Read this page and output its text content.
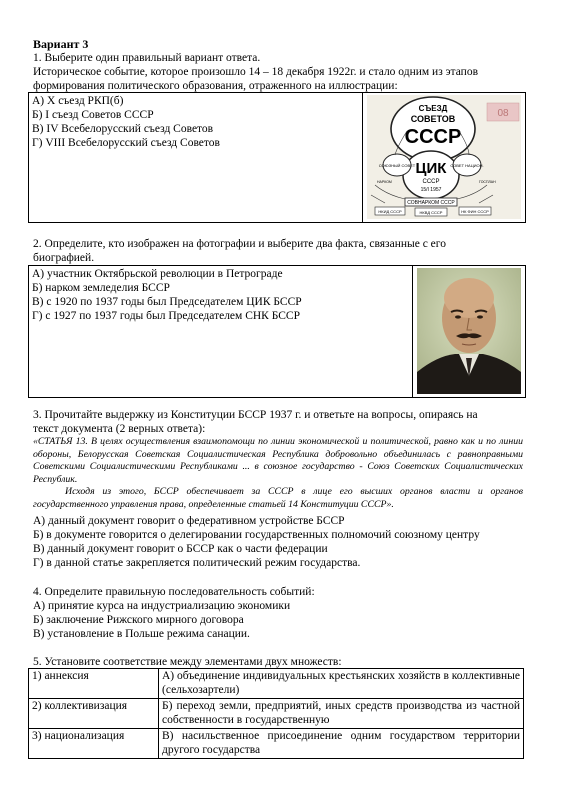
Вариант 3
1. Выберите один правильный вариант ответа.
Историческое событие, которое произошло 14 – 18 декабря 1922г. и стало одним из этапов
формирования политического образования, отраженного на иллюстрации:
А) X съезд РКП(б)
Б) I съезд Советов СССР
В) IV Всебелорусский съезд Советов
Г) VIII Всебелорусский съезд Советов
08
СЪЕЗД
СОВЕТОВ
СССР
ЦИК
СССР
15/I 1957
СОЮЗНЫЙ СОВЕТ	СОВЕТ НАЦИОН.
СОВНАРКОМ СССР
НКИД СССР	НКВД СССР	НК ФИН СССР
НАРКОМ	ГОСПЛАН
2. Определите, кто изображен на фотографии и выберите два факта, связанные с его
биографией.
А) участник Октябрьской революции в Петрограде
Б) нарком земледелия БССР
В) с 1920 по 1937 годы был Председателем ЦИК БССР
Г) с 1927 по 1937 годы был Председателем СНК БССР
3. Прочитайте выдержку из Конституции БССР 1937 г. и ответьте на вопросы, опираясь на
текст документа (2 верных ответа):
«СТАТЬЯ 13. В целях осуществления взаимопомощи по линии экономической и политической, равно как и по линии обороны, Белорусская Советская Социалистическая Республика добровольно объединилась с равноправными Советскими Социалистическими Республиками ... в союзное государство - Союз Советских Социалистических Республик.
Исходя из этого, БССР обеспечивает за СССР в лице его высших органов власти и органов государственного управления права, определенные статьей 14 Конституции СССР».
А) данный документ говорит о федеративном устройстве БССР
Б) в документе говорится о делегировании государственных полномочий союзному центру
В) данный документ говорит о БССР как о части федерации
Г) в данной статье закрепляется политический режим государства.
4. Определите правильную последовательность событий:
А) принятие курса на индустриализацию экономики
Б) заключение Рижского мирного договора
В) установление в Польше режима санации.
5. Установите соответствие между элементами двух множеств:
1) аннексия	А) объединение индивидуальных крестьянских хозяйств в коллективные (сельхозартели)
2) коллективизация	Б) переход земли, предприятий, иных средств производства из частной собственности в государственную
3) национализация	В) насильственное присоединение одним государством территории другого государства
